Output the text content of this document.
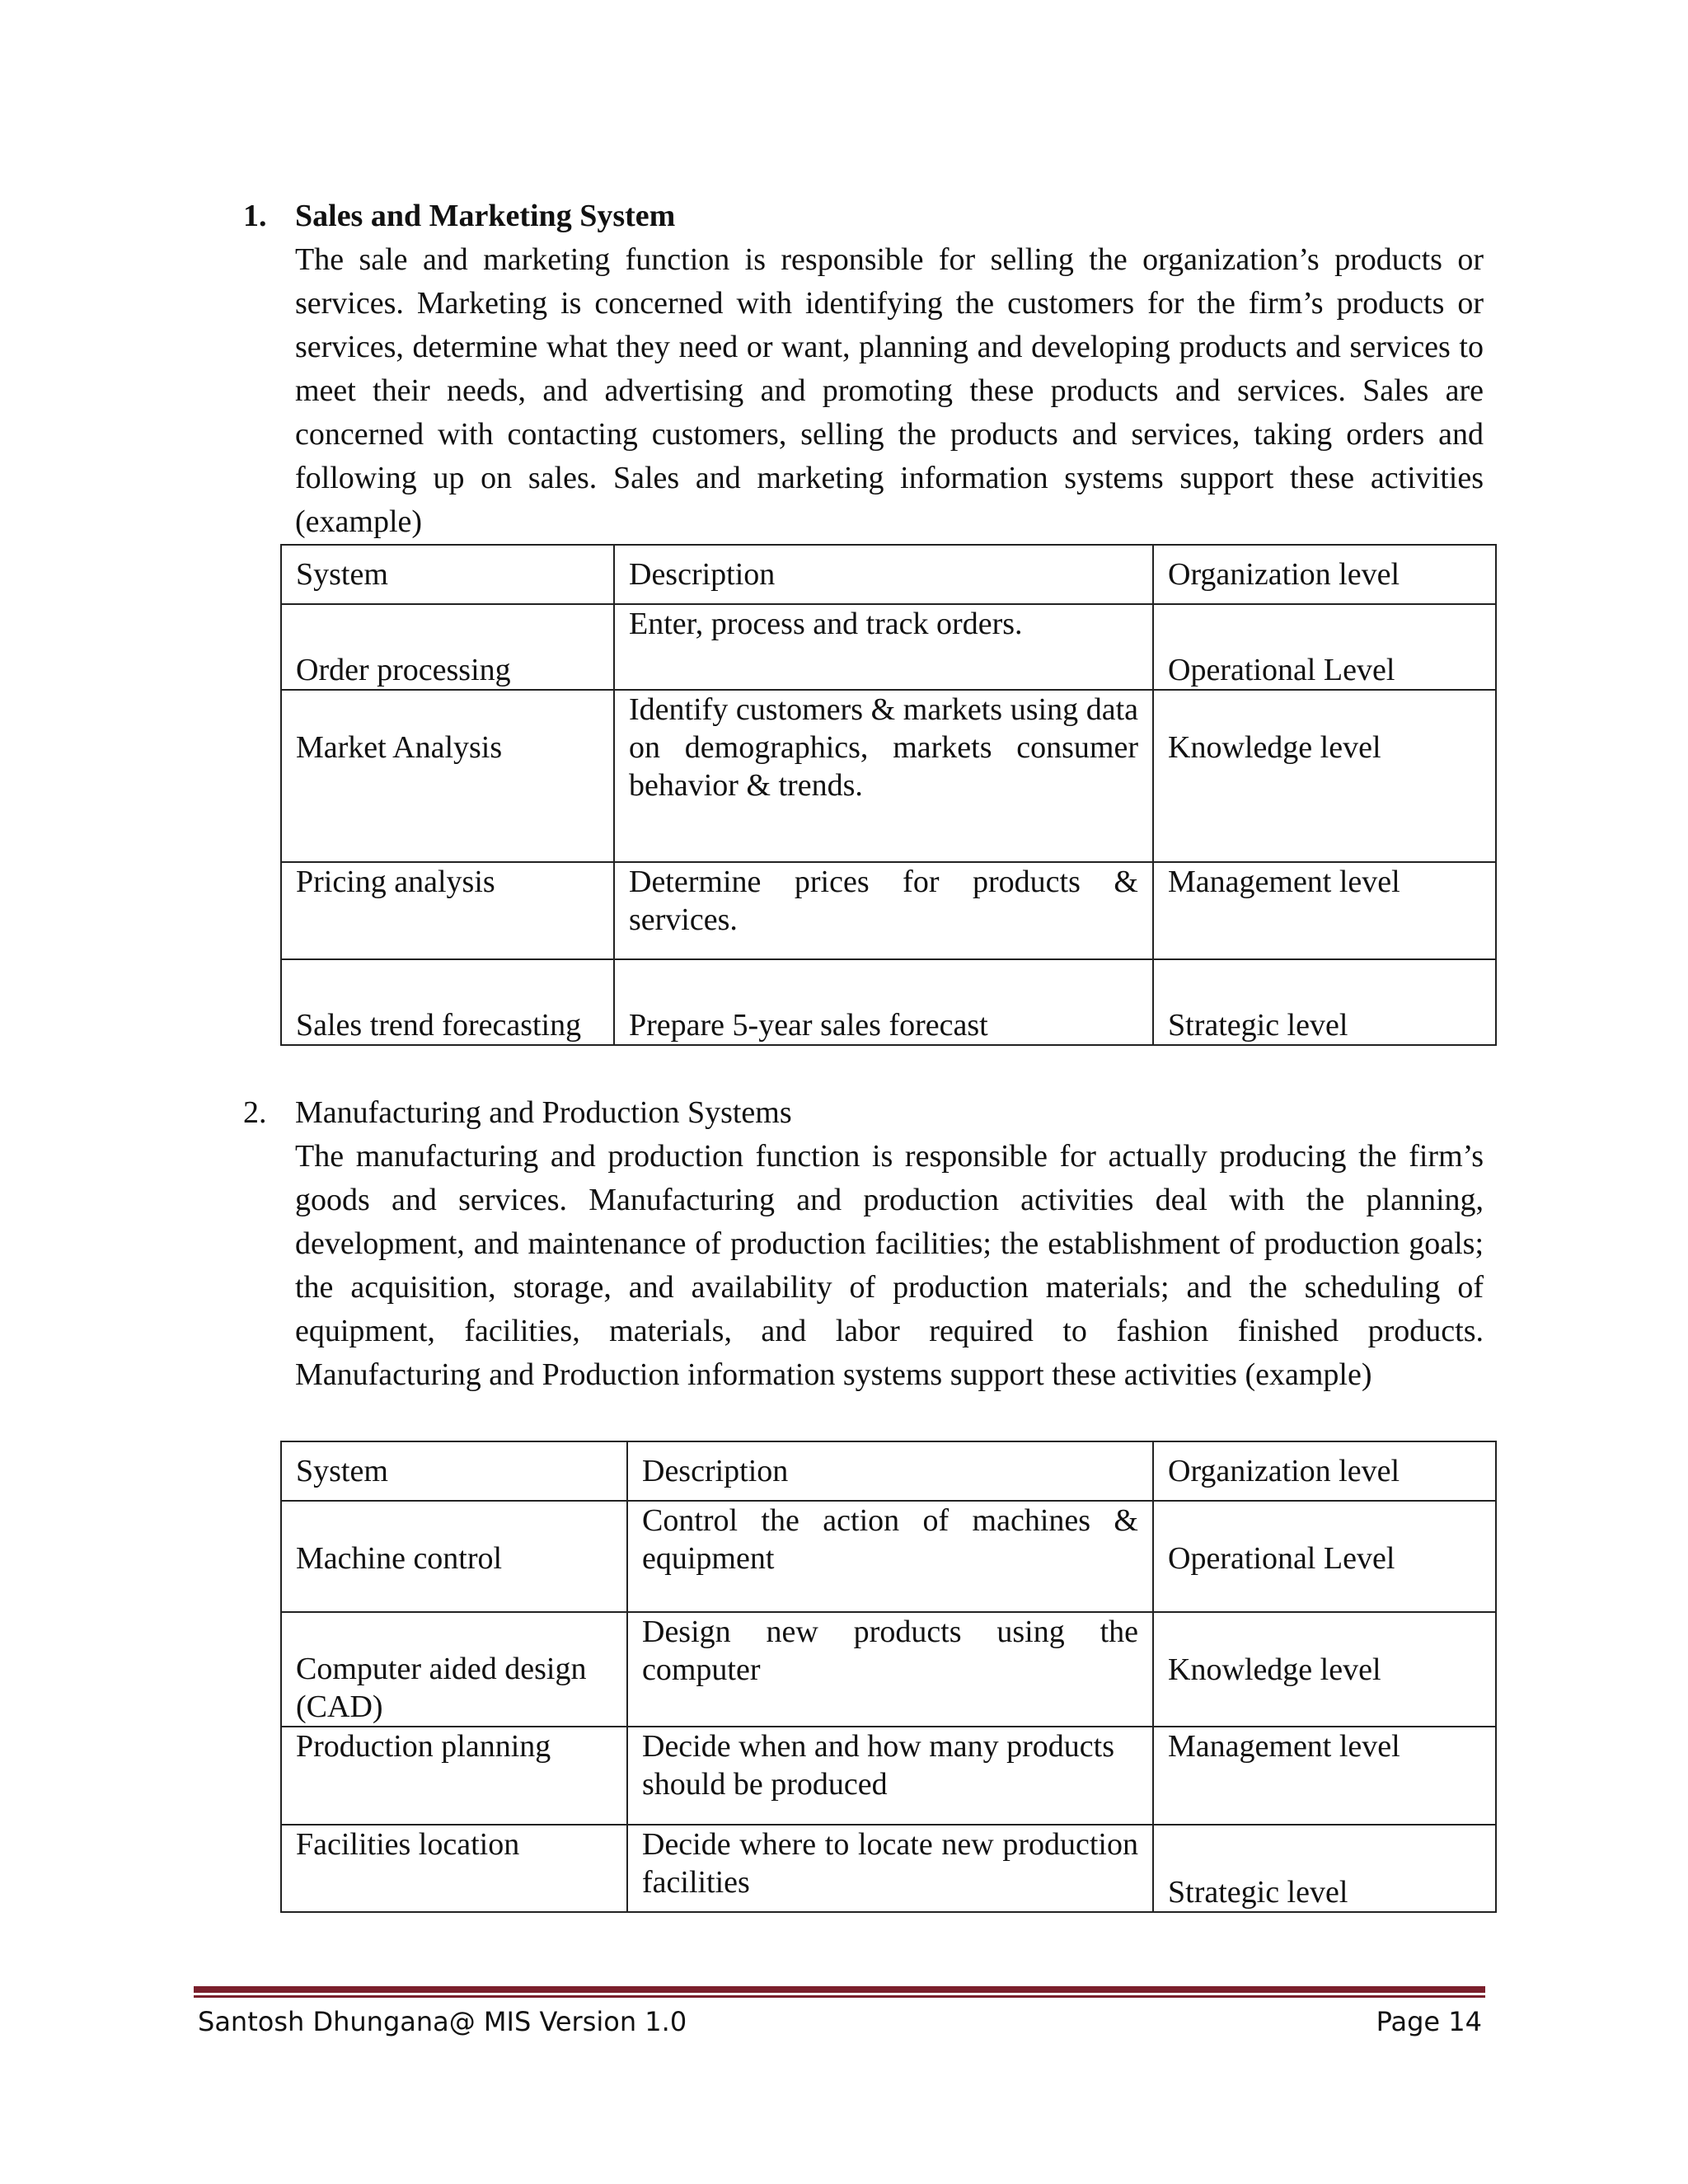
1. Sales and Marketing System
The sale and marketing function is responsible for selling the organization’s products or services. Marketing is concerned with identifying the customers for the firm’s products or services, determine what they need or want, planning and developing products and services to meet their needs, and advertising and promoting these products and services. Sales are concerned with contacting customers, selling the products and services, taking orders and following up on sales. Sales and marketing information systems support these activities (example)
System	Description	Organization level
Order processing	Enter, process and track orders.	Operational Level
Market Analysis	Identify customers & markets using data on demographics, markets consumer behavior & trends.	Knowledge level
Pricing analysis	Determine prices for products & services.	Management level
Sales trend forecasting	Prepare 5-year sales forecast	Strategic level
2. Manufacturing and Production Systems
The manufacturing and production function is responsible for actually producing the firm’s goods and services. Manufacturing and production activities deal with the planning, development, and maintenance of production facilities; the establishment of production goals; the acquisition, storage, and availability of production materials; and the scheduling of equipment, facilities, materials, and labor required to fashion finished products. Manufacturing and Production information systems support these activities (example)
System	Description	Organization level
Machine control	Control the action of machines & equipment	Operational Level
Computer aided design (CAD)	Design new products using the computer	Knowledge level
Production planning	Decide when and how many products should be produced	Management level
Facilities location	Decide where to locate new production facilities	Strategic level
Santosh Dhungana@ MIS Version 1.0	Page 14
